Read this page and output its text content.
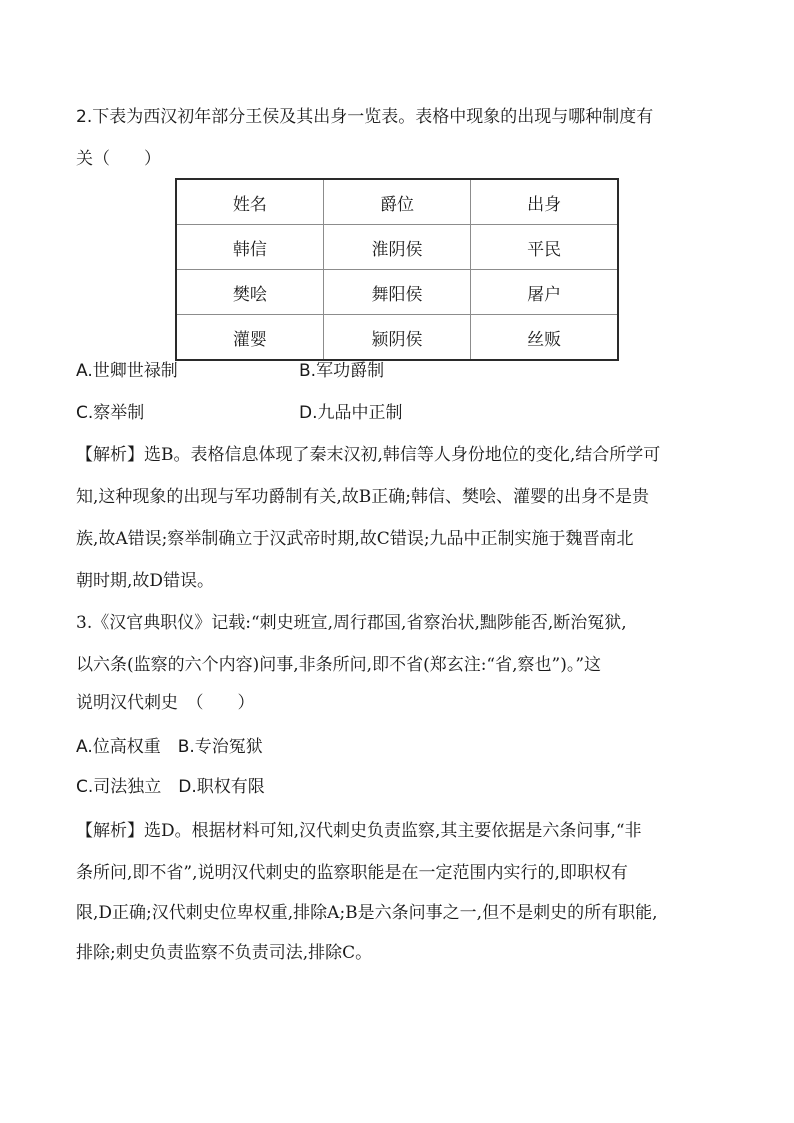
2.下表为西汉初年部分王侯及其出身一览表。表格中现象的出现与哪种制度有
关（　　）
姓名	爵位	出身
韩信	淮阴侯	平民
樊哙	舞阳侯	屠户
灌婴	颍阴侯	丝贩
A.世卿世禄制	B.军功爵制
C.察举制	D.九品中正制
【解析】选B。表格信息体现了秦末汉初,韩信等人身份地位的变化,结合所学可
知,这种现象的出现与军功爵制有关,故B正确;韩信、樊哙、灌婴的出身不是贵
族,故A错误;察举制确立于汉武帝时期,故C错误;九品中正制实施于魏晋南北
朝时期,故D错误。
3.《汉官典职仪》记载:“刺史班宣,周行郡国,省察治状,黜陟能否,断治冤狱,
以六条(监察的六个内容)问事,非条所问,即不省(郑玄注:“省,察也”)。”这
说明汉代刺史　（　　）
A.位高权重　B.专治冤狱
C.司法独立　D.职权有限
【解析】选D。根据材料可知,汉代刺史负责监察,其主要依据是六条问事,“非
条所问,即不省”,说明汉代刺史的监察职能是在一定范围内实行的,即职权有
限,D正确;汉代刺史位卑权重,排除A;B是六条问事之一,但不是刺史的所有职能,
排除;刺史负责监察不负责司法,排除C。
